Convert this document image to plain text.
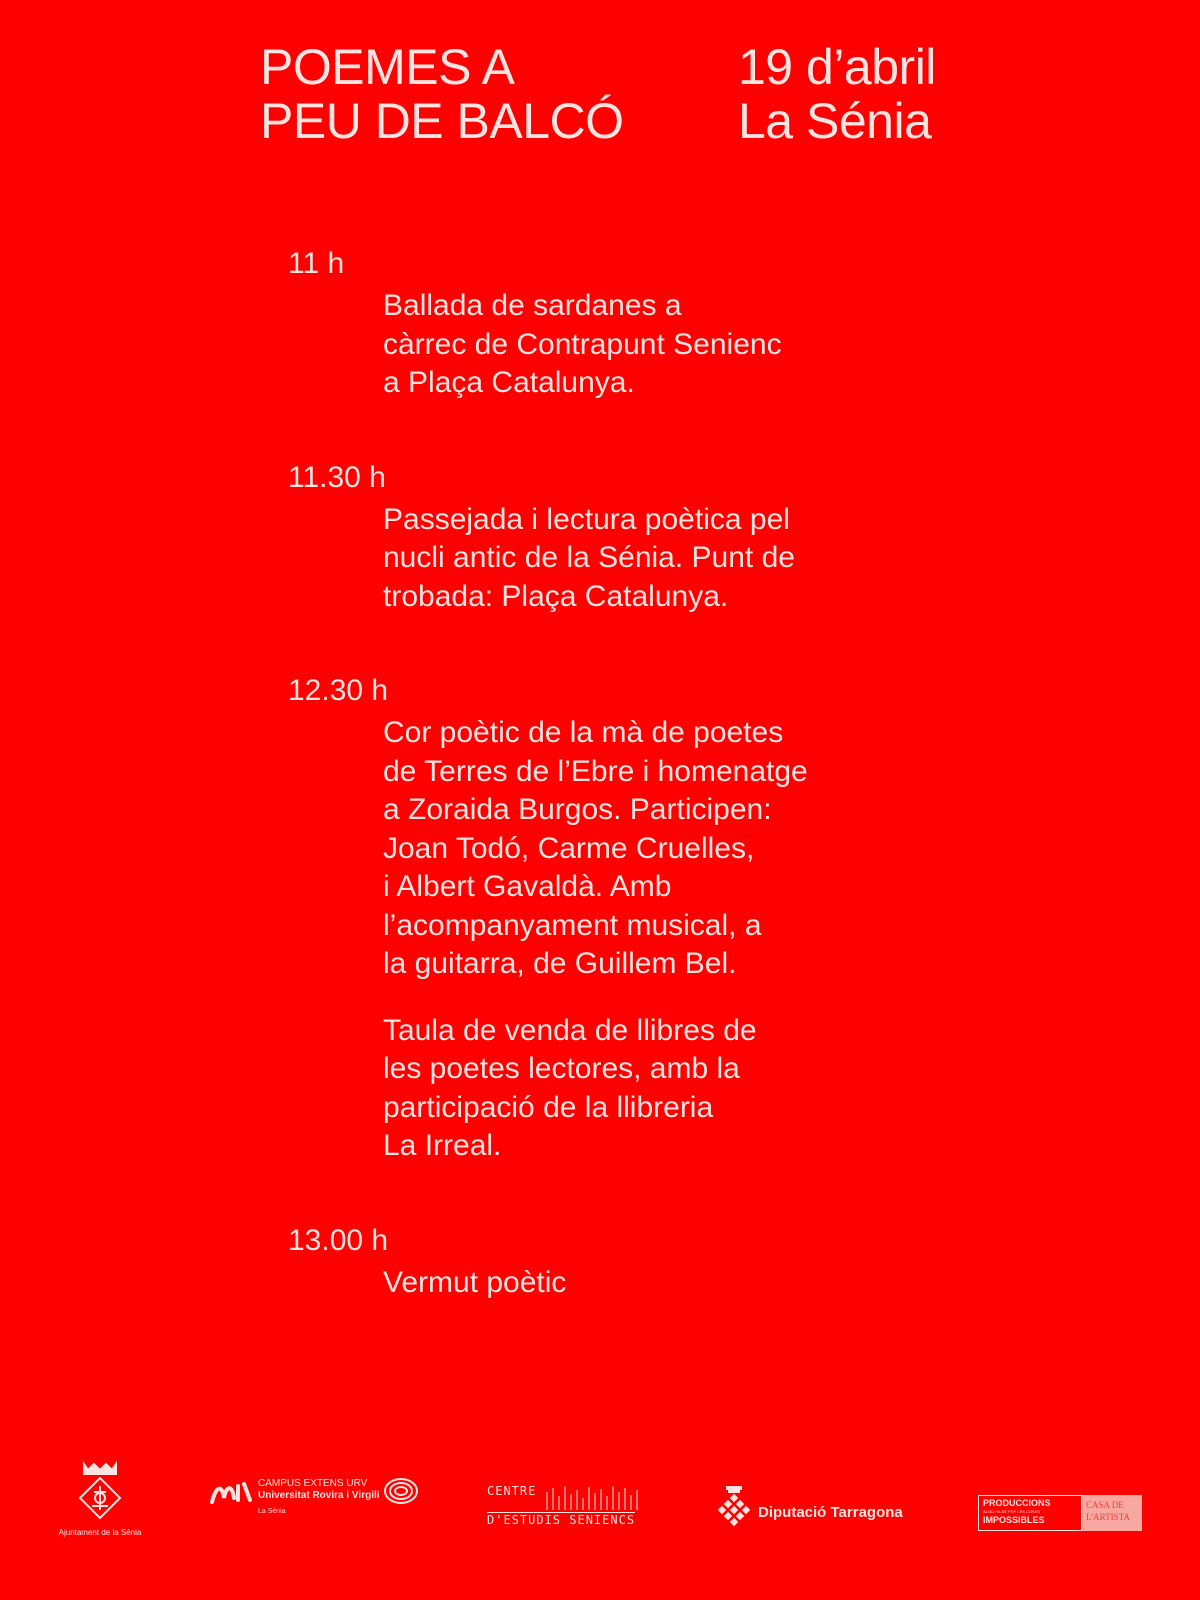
POEMES A
PEU DE BALCÓ
19 d’abril
La Sénia
11 h
Ballada de sardanes a
càrrec de Contrapunt Senienc
a Plaça Catalunya.
11.30 h
Passejada i lectura poètica pel
nucli antic de la Sénia. Punt de
trobada: Plaça Catalunya.
12.30 h
Cor poètic de la mà de poetes
de Terres de l’Ebre i homenatge
a Zoraida Burgos. Participen:
Joan Todó, Carme Cruelles,
i Albert Gavaldà. Amb
l’acompanyament musical, a
la guitarra, de Guillem Bel.
Taula de venda de llibres de
les poetes lectores, amb la
participació de la llibreria
La Irreal.
13.00 h
Vermut poètic
Ajuntament de la Sénia
CAMPUS EXTENS URV
Universitat Rovira i Virgili
La Sénia
CENTRE
D'ESTUDIS SENIENCS	Diputació Tarragona
PRODUCCIONS
ALGÚ HA DE FER LES COSES
IMPOSSIBLES
CASA DE
L'ARTISTA
